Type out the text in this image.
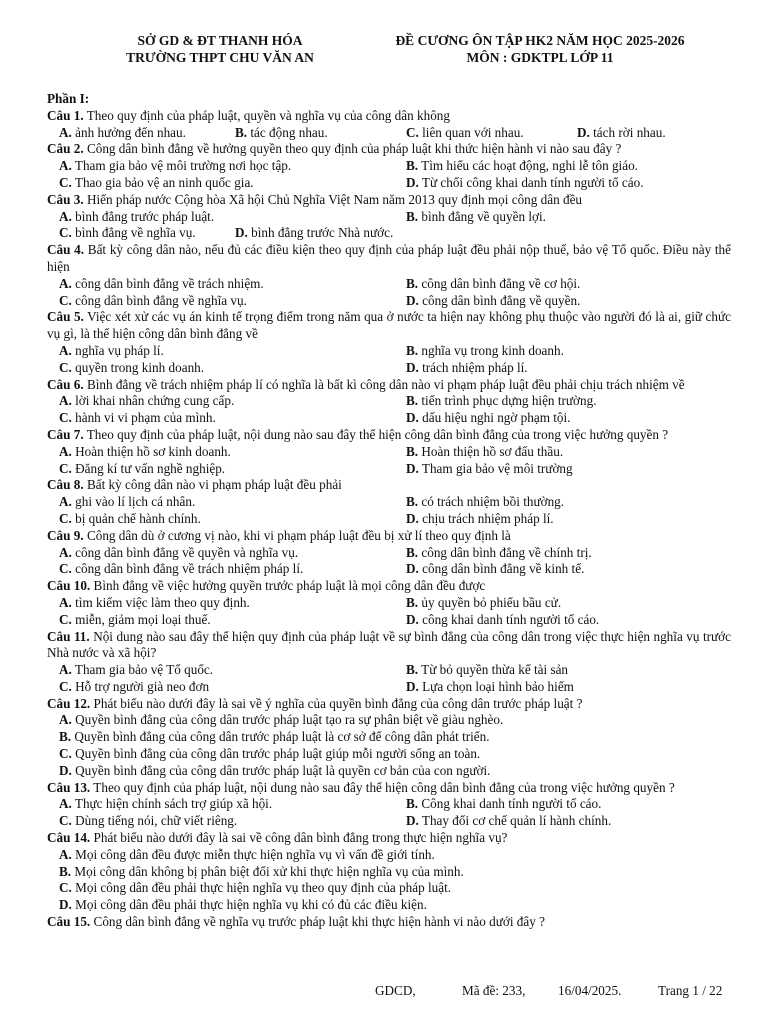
SỞ GD & ĐT THANH HÓA
TRƯỜNG THPT CHU VĂN AN
ĐỀ CƯƠNG ÔN TẬP HK2 NĂM HỌC 2025-2026
MÔN : GDKTPL LỚP 11
Phần I:
Câu 1. Theo quy định của pháp luật, quyền và nghĩa vụ của công dân không
A. ảnh hưởng đến nhau.	B. tác động nhau.	C. liên quan với nhau.	D. tách rời nhau.
Câu 2. Công dân bình đẳng về hưởng quyền theo quy định của pháp luật khi thức hiện hành vi nào sau đây ?
A. Tham gia bảo vệ môi trường nơi học tập.	B. Tìm hiểu các hoạt động, nghi lễ tôn giáo.
C. Thao gia bảo vệ an ninh quốc gia.	D. Từ chối công khai danh tính người tố cáo.
Câu 3. Hiến pháp nước Cộng hòa Xã hội Chủ Nghĩa Việt Nam năm 2013 quy định mọi công dân đều
A. bình đẳng trước pháp luật.	B. bình đẳng về quyền lợi.
C. bình đẳng về nghĩa vụ.	D. bình đẳng trước Nhà nước.
Câu 4. Bất kỳ công dân nào, nếu đủ các điều kiện theo quy định của pháp luật đều phải nộp thuế, bảo vệ Tổ quốc. Điều này thể hiện
A. công dân bình đẳng về trách nhiệm.	B. công dân bình đẳng về cơ hội.
C. công dân bình đẳng về nghĩa vụ.	D. công dân bình đẳng về quyền.
Câu 5. Việc xét xử các vụ án kinh tế trọng điểm trong năm qua ở nước ta hiện nay không phụ thuộc vào người đó là ai, giữ chức vụ gì, là thể hiện công dân bình đẳng về
A. nghĩa vụ pháp lí.	B. nghĩa vụ trong kinh doanh.
C. quyền trong kinh doanh.	D. trách nhiệm pháp lí.
Câu 6. Bình đẳng về trách nhiệm pháp lí có nghĩa là bất kì công dân nào vi phạm pháp luật đều phải chịu trách nhiệm về
A. lời khai nhân chứng cung cấp.	B. tiến trình phục dựng hiện trường.
C. hành vi vi phạm của mình.	D. dấu hiệu nghi ngờ phạm tội.
Câu 7. Theo quy định của pháp luật, nội dung nào sau đây thể hiện công dân bình đẳng của trong việc hưởng quyền ?
A. Hoàn thiện hồ sơ kinh doanh.	B. Hoàn thiện hồ sơ đấu thầu.
C. Đăng kí tư vấn nghề nghiệp.	D. Tham gia bảo vệ môi trường
Câu 8. Bất kỳ công dân nào vi phạm pháp luật đều phải
A. ghi vào lí lịch cá nhân.	B. có trách nhiệm bồi thường.
C. bị quản chế hành chính.	D. chịu trách nhiệm pháp lí.
Câu 9. Công dân dù ở cương vị nào, khi vi phạm pháp luật đều bị xử lí theo quy định là
A. công dân bình đẳng về quyền và nghĩa vụ.	B. công dân bình đẳng về chính trị.
C. công dân bình đẳng về trách nhiệm pháp lí.	D. công dân bình đẳng về kinh tế.
Câu 10. Bình đẳng về việc hưởng quyền trước pháp luật là mọi công dân đều được
A. tìm kiếm việc làm theo quy định.	B. ủy quyền bỏ phiếu bầu cử.
C. miễn, giảm mọi loại thuế.	D. công khai danh tính người tố cáo.
Câu 11. Nội dung nào sau đây thể hiện quy định của pháp luật về sự bình đẳng của công dân trong việc thực hiện nghĩa vụ trước Nhà nước và xã hội?
A. Tham gia bảo vệ Tổ quốc.	B. Từ bỏ quyền thừa kế tài sản
C. Hỗ trợ người già neo đơn	D. Lựa chọn loại hình bảo hiểm
Câu 12. Phát biểu nào dưới đây là sai về ý nghĩa của quyền bình đẳng của công dân trước pháp luật ?
A. Quyền bình đẳng của công dân trước pháp luật tạo ra sự phân biệt về giàu nghèo.
B. Quyền bình đẳng của công dân trước pháp luật là cơ sở để công dân phát triển.
C. Quyền bình đẳng của công dân trước pháp luật giúp mỗi người sống an toàn.
D. Quyền bình đẳng của công dân trước pháp luật là quyền cơ bản của con người.
Câu 13. Theo quy định của pháp luật, nội dung nào sau đây thể hiện công dân bình đẳng của trong việc hưởng quyền ?
A. Thực hiện chính sách trợ giúp xã hội.	B. Công khai danh tính người tố cáo.
C. Dùng tiếng nói, chữ viết riêng.	D. Thay đổi cơ chế quản lí hành chính.
Câu 14. Phát biểu nào dưới đây là sai về công dân bình đẳng trong thực hiện nghĩa vụ?
A. Mọi công dân đều được miễn thực hiện nghĩa vụ vì vấn đề giới tính.
B. Mọi công dân không bị phân biệt đối xử khi thực hiện nghĩa vụ của mình.
C. Mọi công dân đều phải thực hiện nghĩa vụ theo quy định của pháp luật.
D. Mọi công dân đều phải thực hiện nghĩa vụ khi có đủ các điều kiện.
Câu 15. Công dân bình đẳng về nghĩa vụ trước pháp luật khi thực hiện hành vi nào dưới đây ?
GDCD,	Mã đề: 233, 16/04/2025.	Trang 1 / 22
